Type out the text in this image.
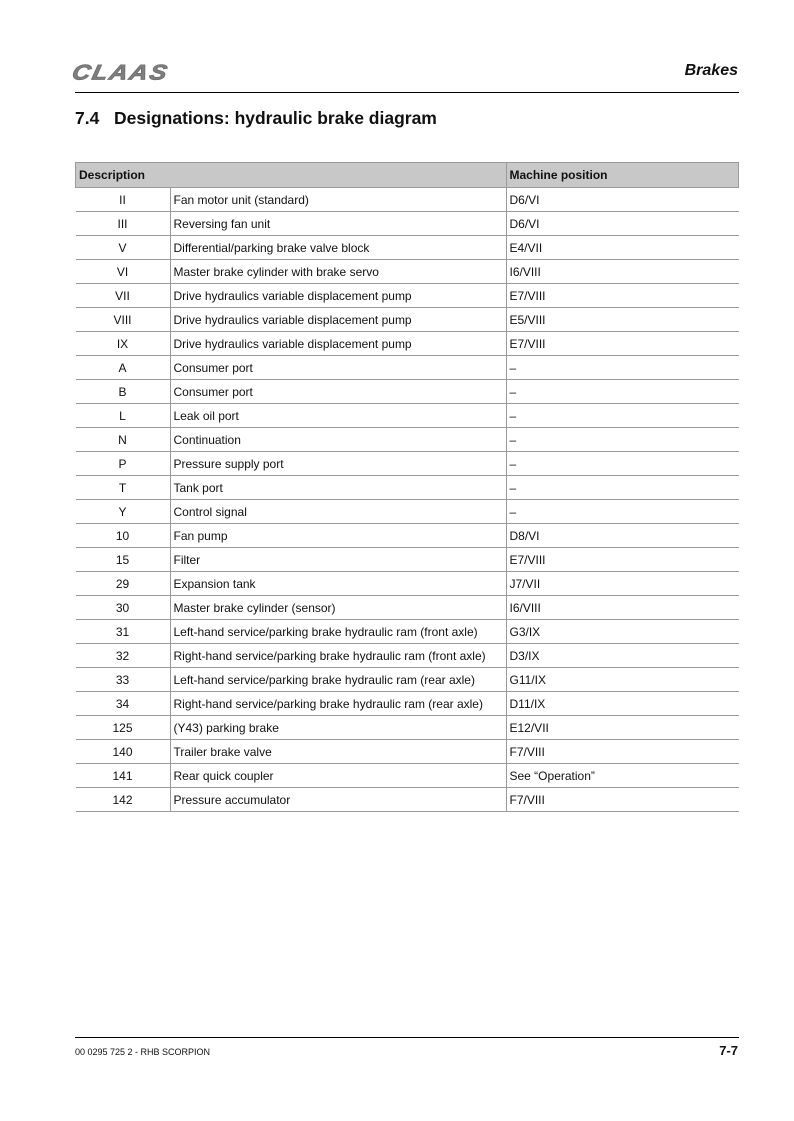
CLAAS	Brakes
7.4 Designations: hydraulic brake diagram
Description		Machine position
II	Fan motor unit (standard)	D6/VI
III	Reversing fan unit	D6/VI
V	Differential/parking brake valve block	E4/VII
VI	Master brake cylinder with brake servo	I6/VIII
VII	Drive hydraulics variable displacement pump	E7/VIII
VIII	Drive hydraulics variable displacement pump	E5/VIII
IX	Drive hydraulics variable displacement pump	E7/VIII
A	Consumer port	–
B	Consumer port	–
L	Leak oil port	–
N	Continuation	–
P	Pressure supply port	–
T	Tank port	–
Y	Control signal	–
10	Fan pump	D8/VI
15	Filter	E7/VIII
29	Expansion tank	J7/VII
30	Master brake cylinder (sensor)	I6/VIII
31	Left-hand service/parking brake hydraulic ram (front axle)	G3/IX
32	Right-hand service/parking brake hydraulic ram (front axle)	D3/IX
33	Left-hand service/parking brake hydraulic ram (rear axle)	G11/IX
34	Right-hand service/parking brake hydraulic ram (rear axle)	D11/IX
125	(Y43) parking brake	E12/VII
140	Trailer brake valve	F7/VIII
141	Rear quick coupler	See “Operation”
142	Pressure accumulator	F7/VIII
00 0295 725 2 - RHB SCORPION	7-7
